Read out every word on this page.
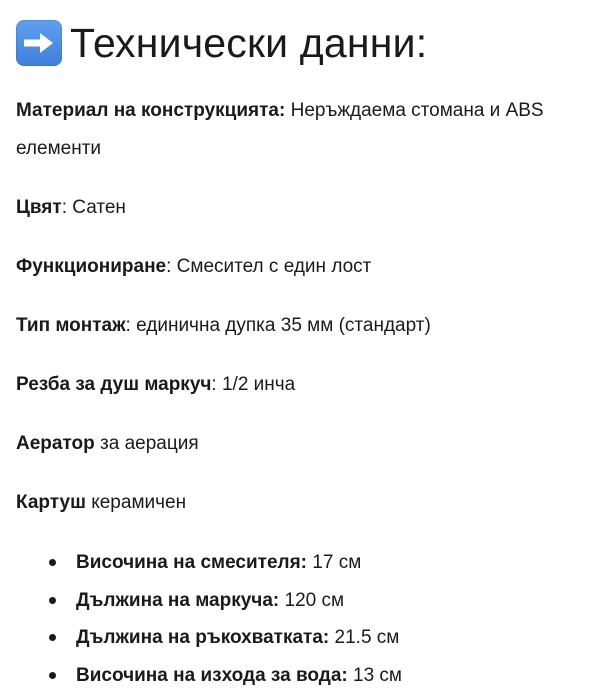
Технически данни:
Материал на конструкцията: Неръждаема стомана и ABS елементи
Цвят: Сатен
Функциониране: Смесител с един лост
Тип монтаж: единична дупка 35 мм (стандарт)
Резба за душ маркуч: 1/2 инча
Аератор за аерация
Картуш керамичен
Височина на смесителя: 17 см
Дължина на маркуча: 120 см
Дължина на ръкохватката: 21.5 см
Височина на изхода за вода: 13 см
